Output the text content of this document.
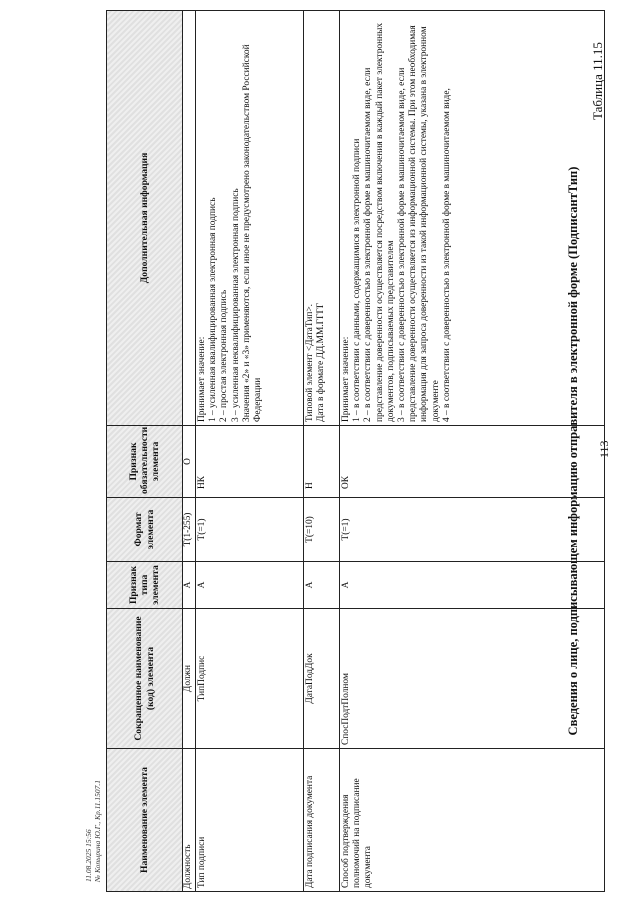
113
Таблица 11.15
Сведения о лице, подписывающем информацию отправителя в электронной форме (ПодписантТип)
Наименование элемента	Сокращенное наименование (код) элемента	Признак типа элемента	Формат элемента	Признак обязательности элемента	Дополнительная информация
Должность	Должн	А	T(1-255)	О	
Тип подписи	ТипПодпис	А	T(=1)	НК	Принимает значение: 1 – усиленная квалифицированная электронная подпись 2 – простая электронная подпись 3 – усиленная неквалифицированная электронная подпись Значения «2» и «3» применяются, если иное не предусмотрено законодательством Российской Федерации

Дата подписания документа	ДатаПодДок	А	T(=10)	Н	Типовой элемент <ДатаТип>. Дата в формате ДД.ММ.ГГГГ

Способ подтверждения полномочий на подписание документа	СпосПодтПолном	А	T(=1)	ОК	Принимает значение: 1 – в соответствии с данными, содержащимися в электронной подписи 2 – в соответствии с доверенностью в электронной форме в машиночитаемом виде, если представление доверенности осуществляется посредством включения в каждый пакет электронных документов, подписываемых представителем 3 – в соответствии с доверенностью в электронной форме в машиночитаемом виде, если представление доверенности осуществляется из информационной системы. При этом необходимая информация для запроса доверенности из такой информационной системы, указана в электронном документе 4 – в соответствии с доверенностью в электронной форме в машиночитаемом виде,
11.08.2025 15:56 № Копырина Ю.Г., Кр.11.1507.1
